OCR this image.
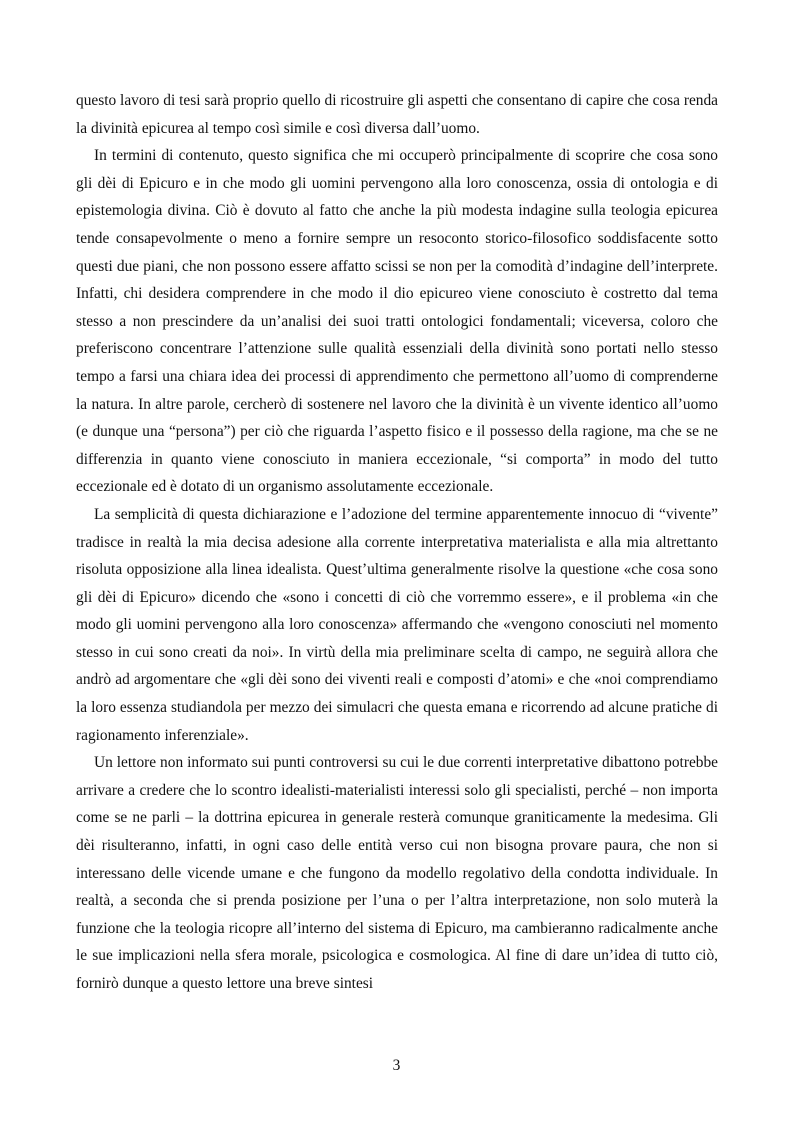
questo lavoro di tesi sarà proprio quello di ricostruire gli aspetti che consentano di capire che cosa renda la divinità epicurea al tempo così simile e così diversa dall’uomo.

In termini di contenuto, questo significa che mi occuperò principalmente di scoprire che cosa sono gli dèi di Epicuro e in che modo gli uomini pervengono alla loro conoscenza, ossia di ontologia e di epistemologia divina. Ciò è dovuto al fatto che anche la più modesta indagine sulla teologia epicurea tende consapevolmente o meno a fornire sempre un resoconto storico-filosofico soddisfacente sotto questi due piani, che non possono essere affatto scissi se non per la comodità d’indagine dell’interprete. Infatti, chi desidera comprendere in che modo il dio epicureo viene conosciuto è costretto dal tema stesso a non prescindere da un’analisi dei suoi tratti ontologici fondamentali; viceversa, coloro che preferiscono concentrare l’attenzione sulle qualità essenziali della divinità sono portati nello stesso tempo a farsi una chiara idea dei processi di apprendimento che permettono all’uomo di comprenderne la natura. In altre parole, cercherò di sostenere nel lavoro che la divinità è un vivente identico all’uomo (e dunque una “persona”) per ciò che riguarda l’aspetto fisico e il possesso della ragione, ma che se ne differenzia in quanto viene conosciuto in maniera eccezionale, “si comporta” in modo del tutto eccezionale ed è dotato di un organismo assolutamente eccezionale.

La semplicità di questa dichiarazione e l’adozione del termine apparentemente innocuo di “vivente” tradisce in realtà la mia decisa adesione alla corrente interpretativa materialista e alla mia altrettanto risoluta opposizione alla linea idealista. Quest’ultima generalmente risolve la questione «che cosa sono gli dèi di Epicuro» dicendo che «sono i concetti di ciò che vorremmo essere», e il problema «in che modo gli uomini pervengono alla loro conoscenza» affermando che «vengono conosciuti nel momento stesso in cui sono creati da noi». In virtù della mia preliminare scelta di campo, ne seguirà allora che andrò ad argomentare che «gli dèi sono dei viventi reali e composti d’atomi» e che «noi comprendiamo la loro essenza studiandola per mezzo dei simulacri che questa emana e ricorrendo ad alcune pratiche di ragionamento inferenziale».

Un lettore non informato sui punti controversi su cui le due correnti interpretative dibattono potrebbe arrivare a credere che lo scontro idealisti-materialisti interessi solo gli specialisti, perché – non importa come se ne parli – la dottrina epicurea in generale resterà comunque graniticamente la medesima. Gli dèi risulteranno, infatti, in ogni caso delle entità verso cui non bisogna provare paura, che non si interessano delle vicende umane e che fungono da modello regolativo della condotta individuale. In realtà, a seconda che si prenda posizione per l’una o per l’altra interpretazione, non solo muterà la funzione che la teologia ricopre all’interno del sistema di Epicuro, ma cambieranno radicalmente anche le sue implicazioni nella sfera morale, psicologica e cosmologica. Al fine di dare un’idea di tutto ciò, fornirò dunque a questo lettore una breve sintesi

3
